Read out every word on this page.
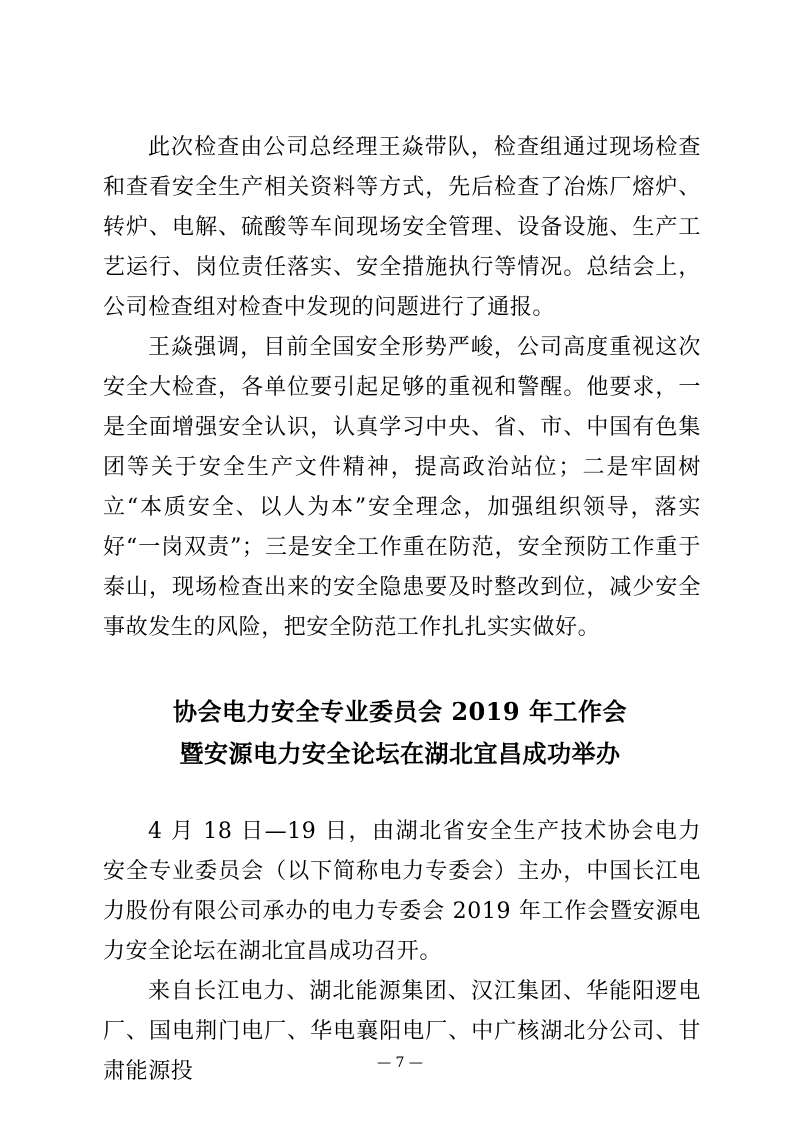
此次检查由公司总经理王焱带队，检查组通过现场检查和查看安全生产相关资料等方式，先后检查了冶炼厂熔炉、转炉、电解、硫酸等车间现场安全管理、设备设施、生产工艺运行、岗位责任落实、安全措施执行等情况。总结会上，公司检查组对检查中发现的问题进行了通报。

王焱强调，目前全国安全形势严峻，公司高度重视这次安全大检查，各单位要引起足够的重视和警醒。他要求，一是全面增强安全认识，认真学习中央、省、市、中国有色集团等关于安全生产文件精神，提高政治站位；二是牢固树立“本质安全、以人为本”安全理念，加强组织领导，落实好“一岗双责”；三是安全工作重在防范，安全预防工作重于泰山，现场检查出来的安全隐患要及时整改到位，减少安全事故发生的风险，把安全防范工作扎扎实实做好。

协会电力安全专业委员会 2019 年工作会
暨安源电力安全论坛在湖北宜昌成功举办

4 月 18 日—19 日，由湖北省安全生产技术协会电力安全专业委员会（以下简称电力专委会）主办，中国长江电力股份有限公司承办的电力专委会 2019 年工作会暨安源电力安全论坛在湖北宜昌成功召开。

来自长江电力、湖北能源集团、汉江集团、华能阳逻电厂、国电荆门电厂、华电襄阳电厂、中广核湖北分公司、甘肃能源投	— 7 —
